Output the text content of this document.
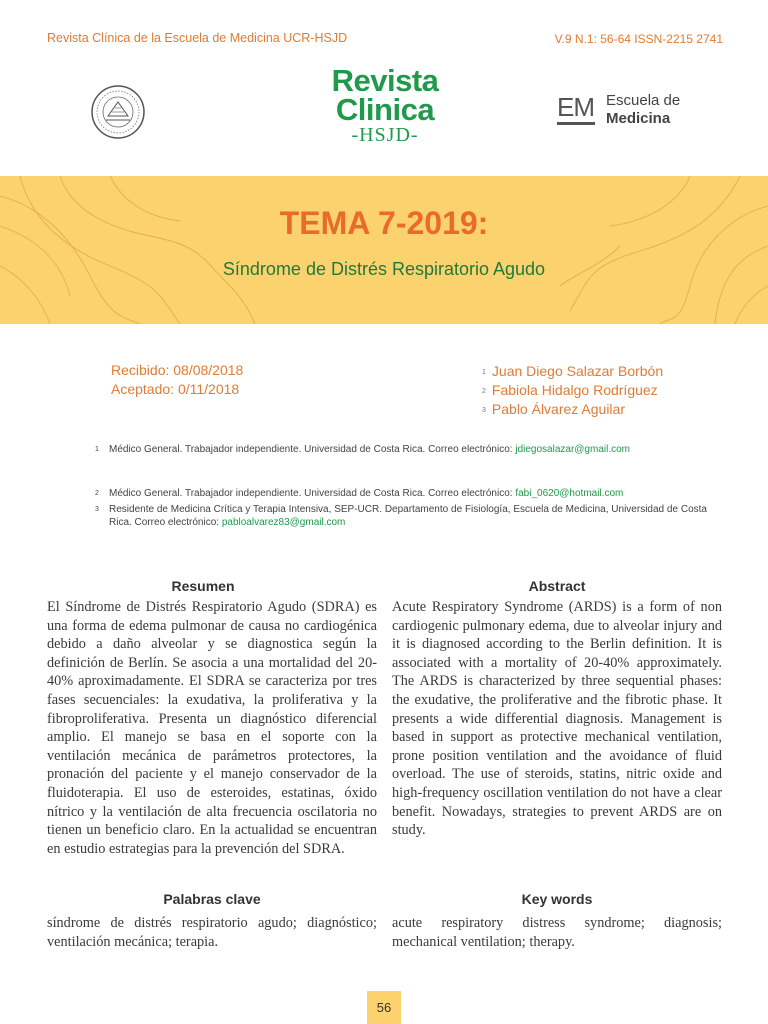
Revista Clínica de la Escuela de Medicina UCR-HSJD	V.9 N.1: 56-64 ISSN-2215 2741
Revista
Clinica
-HSJD-
EM Escuela de
Medicina
TEMA 7-2019:
Síndrome de Distrés Respiratorio Agudo
Recibido: 08/08/2018
Aceptado: 0/11/2018
$^1$ Juan Diego Salazar Borbón
$^2$ Fabiola Hidalgo Rodríguez
$^3$ Pablo Álvarez Aguilar
1	Médico General. Trabajador independiente. Universidad de Costa Rica. Correo electrónico: jdiegosalazar@gmail.com
2	Médico General. Trabajador independiente. Universidad de Costa Rica. Correo electrónico: fabi_0620@hotmail.com
3	Residente de Medicina Crítica y Terapia Intensiva, SEP-UCR. Departamento de Fisiología, Escuela de Medicina, Universidad de Costa Rica. Correo electrónico: pabloalvarez83@gmail.com
Resumen	Abstract
El Síndrome de Distrés Respiratorio Agudo (SDRA) es una forma de edema pulmonar de causa no cardiogénica debido a daño alveolar y se diagnostica según la definición de Berlín. Se asocia a una mortalidad del 20-40% aproximadamente. El SDRA se caracteriza por tres fases secuenciales: la exudativa, la proliferativa y la fibroproliferativa. Presenta un diagnóstico diferencial amplio. El manejo se basa en el soporte con la ventilación mecánica de parámetros protectores, la pronación del paciente y el manejo conservador de la fluidoterapia. El uso de esteroides, estatinas, óxido nítrico y la ventilación de alta frecuencia oscilatoria no tienen un beneficio claro. En la actualidad se encuentran en estudio estrategias para la prevención del SDRA.
Acute Respiratory Syndrome (ARDS) is a form of non cardiogenic pulmonary edema, due to alveolar injury and it is diagnosed according to the Berlin definition. It is associated with a mortality of 20-40% approximately. The ARDS is characterized by three sequential phases: the exudative, the proliferative and the fibrotic phase. It presents a wide differential diagnosis. Management is based in support as protective mechanical ventilation, prone position ventilation and the avoidance of fluid overload. The use of steroids, statins, nitric oxide and high-frequency oscillation ventilation do not have a clear benefit. Nowadays, strategies to prevent ARDS are on study.
Palabras clave	Key words
síndrome de distrés respiratorio agudo; diagnóstico; ventilación mecánica; terapia.
acute respiratory distress syndrome; diagnosis; mechanical ventilation; therapy.
56
